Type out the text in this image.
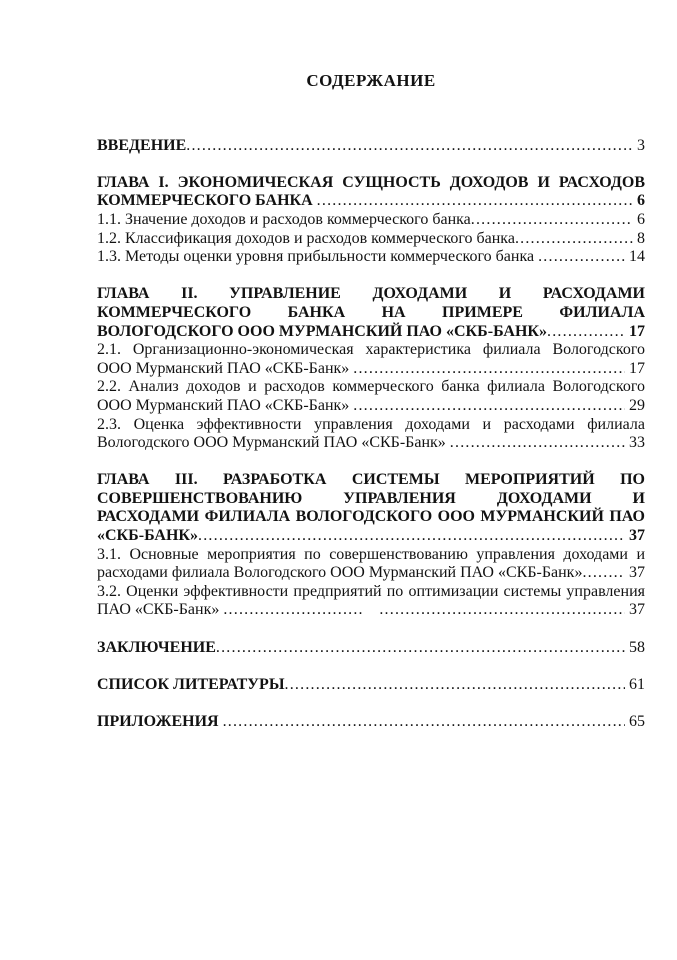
СОДЕРЖАНИЕ
ВВЕДЕНИЕ .....	3
ГЛАВА I. ЭКОНОМИЧЕСКАЯ СУЩНОСТЬ ДОХОДОВ И РАСХОДОВ
КОММЕРЧЕСКОГО БАНКА .....	6
1.1. Значение доходов и расходов коммерческого банка .....	6
1.2. Классификация доходов и расходов коммерческого банка .....	8
1.3. Методы оценки уровня прибыльности коммерческого банка .....	14
ГЛАВА II. УПРАВЛЕНИЕ ДОХОДАМИ И РАСХОДАМИ
КОММЕРЧЕСКОГО БАНКА НА ПРИМЕРЕ ФИЛИАЛА
ВОЛОГОДСКОГО ООО МУРМАНСКИЙ ПАО «СКБ-БАНК» .....	17
2.1. Организационно-экономическая характеристика филиала Вологодского
ООО Мурманский ПАО «СКБ-Банк» .....	17
2.2. Анализ доходов и расходов коммерческого банка филиала Вологодского
ООО Мурманский ПАО «СКБ-Банк» .....	29
2.3. Оценка эффективности управления доходами и расходами филиала
Вологодского ООО Мурманский ПАО «СКБ-Банк» .....	33
ГЛАВА III. РАЗРАБОТКА СИСТЕМЫ МЕРОПРИЯТИЙ ПО
СОВЕРШЕНСТВОВАНИЮ УПРАВЛЕНИЯ ДОХОДАМИ И
РАСХОДАМИ ФИЛИАЛА ВОЛОГОДСКОГО ООО МУРМАНСКИЙ ПАО
«СКБ-БАНК» .....	37
3.1. Основные мероприятия по совершенствованию управления доходами и
расходами филиала Вологодского ООО Мурманский ПАО «СКБ-Банк» .....	37
3.2. Оценки эффективности предприятий по оптимизации системы управления
ПАО «СКБ-Банк» ..... .....	37
ЗАКЛЮЧЕНИЕ .....	58
СПИСОК ЛИТЕРАТУРЫ .....	61
ПРИЛОЖЕНИЯ .....	65
